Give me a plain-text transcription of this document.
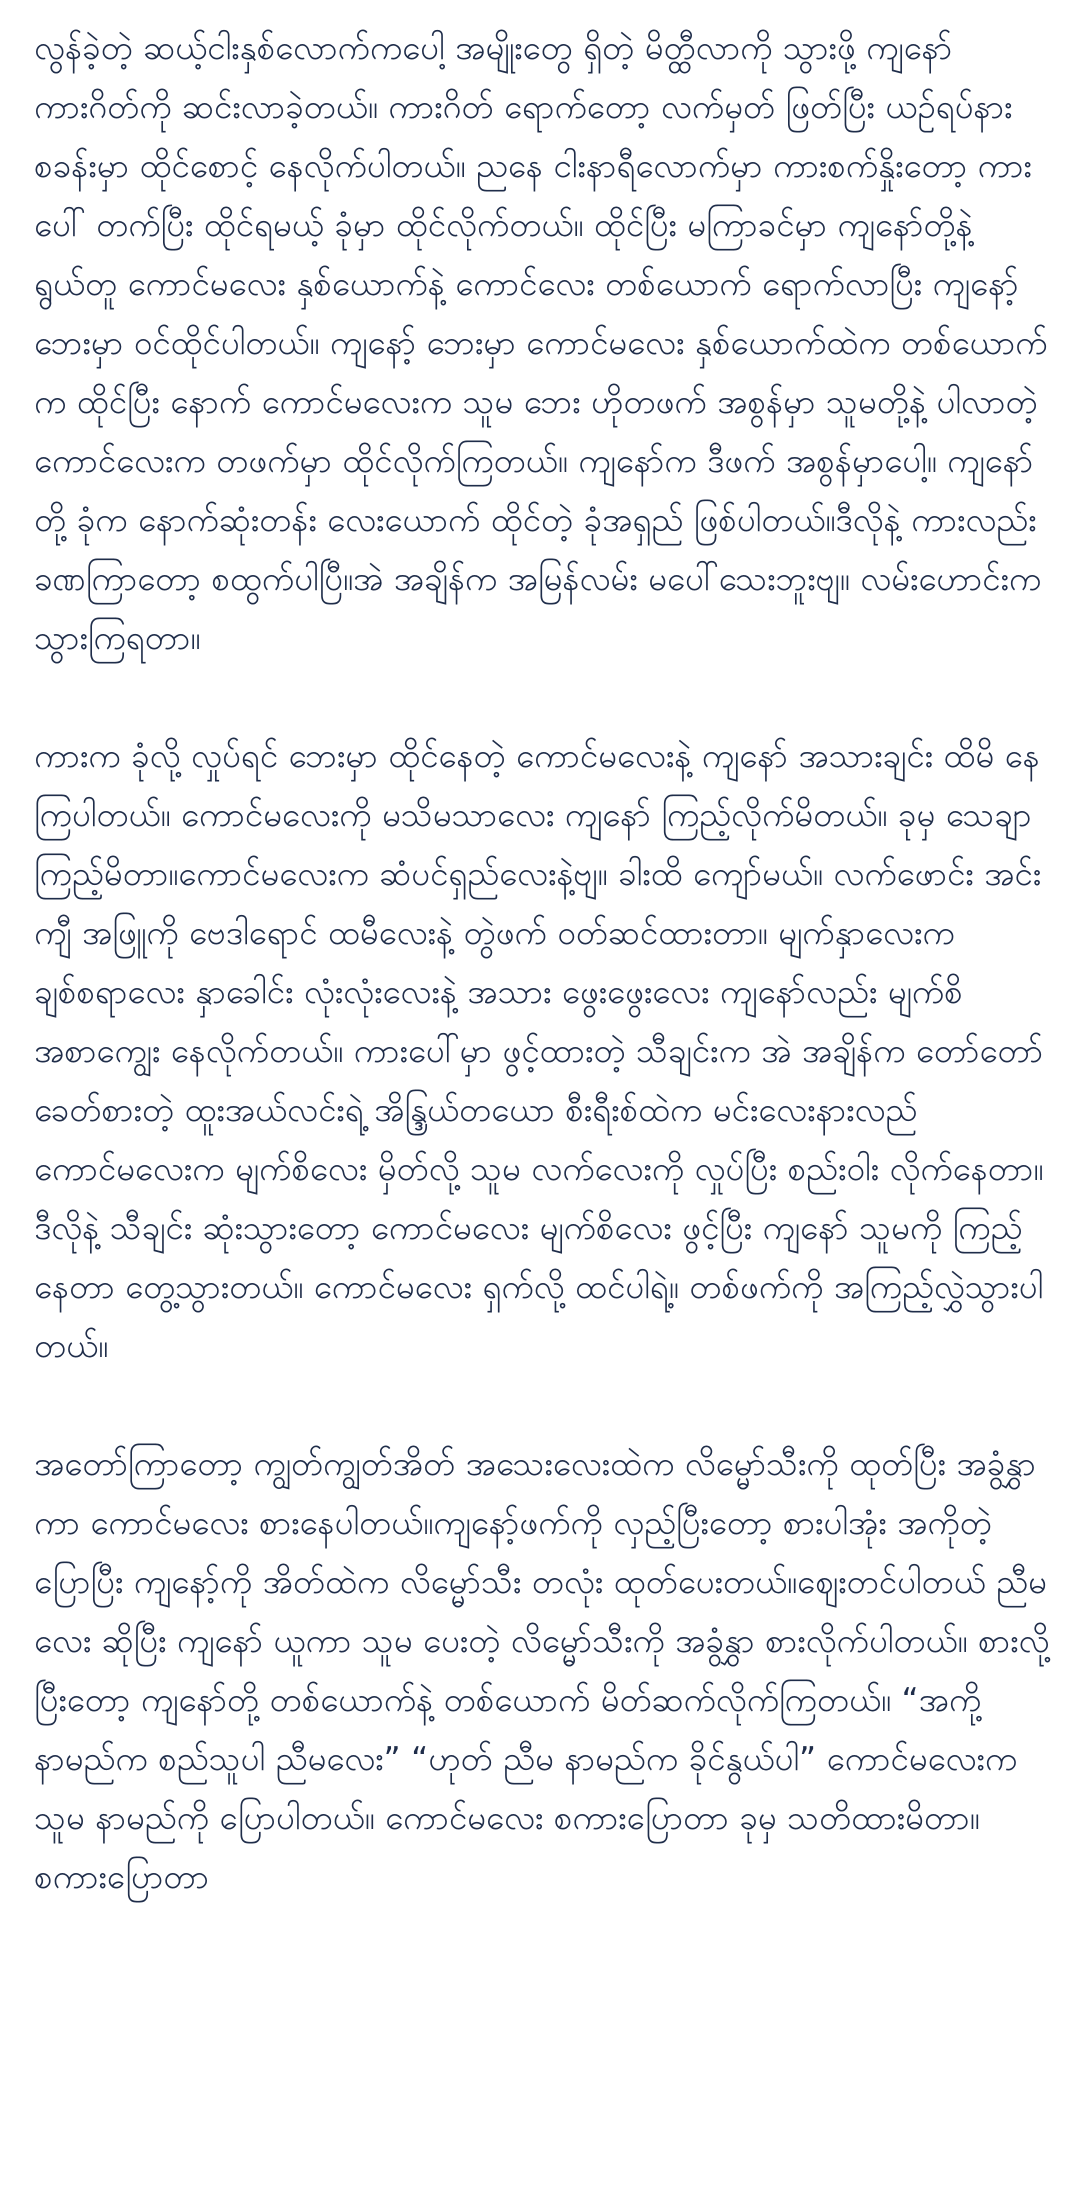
လွန်ခဲ့တဲ့ ဆယ့်ငါးနှစ်လောက်ကပေါ့ အမျိုးတွေ ရှိတဲ့ မိတ္ထီလာကို သွားဖို့ ကျနော် ကားဂိတ်ကို ဆင်းလာခဲ့တယ်။ ကားဂိတ် ရောက်တော့ လက်မှတ် ဖြတ်ပြီး ယဉ်ရပ်နား စခန်းမှာ ထိုင်စောင့် နေလိုက်ပါတယ်။ ညနေ ငါးနာရီလောက်မှာ ကားစက်နှိုးတော့ ကားပေါ် တက်ပြီး ထိုင်ရမယ့် ခုံမှာ ထိုင်လိုက်တယ်။ ထိုင်ပြီး မကြာခင်မှာ ကျနော်တို့နဲ့ ရွယ်တူ ကောင်မလေး နှစ်ယောက်နဲ့ ကောင်လေး တစ်ယောက် ရောက်လာပြီး ကျနော့် ဘေးမှာ ဝင်ထိုင်ပါတယ်။ ကျနော့် ဘေးမှာ ကောင်မလေး နှစ်ယောက်ထဲက တစ်ယောက်က ထိုင်ပြီး နောက် ကောင်မလေးက သူမ ဘေး ဟိုတဖက် အစွန်မှာ သူမတို့နဲ့ ပါလာတဲ့ ကောင်လေးက တဖက်မှာ ထိုင်လိုက်ကြတယ်။ ကျနော်က ဒီဖက် အစွန်မှာပေါ့။ ကျနော်တို့ ခုံက နောက်ဆုံးတန်း လေးယောက် ထိုင်တဲ့ ခုံအရှည် ဖြစ်ပါတယ်။ဒီလိုနဲ့ ကားလည်း ခဏကြာတော့ စထွက်ပါပြီ။အဲ အချိန်က အမြန်လမ်း မပေါ်သေးဘူးဗျ။ လမ်းဟောင်းက သွားကြရတာ။

ကားက ခုံလို့ လှုပ်ရင် ဘေးမှာ ထိုင်နေတဲ့ ကောင်မလေးနဲ့ ကျနော် အသားချင်း ထိမိ နေကြပါတယ်။ ကောင်မလေးကို မသိမသာလေး ကျနော် ကြည့်လိုက်မိတယ်။ ခုမှ သေချာ ကြည့်မိတာ။ကောင်မလေးက ဆံပင်ရှည်လေးနဲ့ဗျ။ ခါးထိ ကျော်မယ်။ လက်ဖောင်း အင်းကျီ အဖြူကို ဗေဒါရောင် ထမီလေးနဲ့ တွဲဖက် ဝတ်ဆင်ထားတာ။ မျက်နှာလေးက ချစ်စရာလေး နှာခေါင်း လုံးလုံးလေးနဲ့ အသား ဖွေးဖွေးလေး ကျနော်လည်း မျက်စိ အစာကျွေး နေလိုက်တယ်။ ကားပေါ်မှာ ဖွင့်ထားတဲ့ သီချင်းက အဲ အချိန်က တော်တော် ခေတ်စားတဲ့ ထူးအယ်လင်းရဲ့ အိန္ဒြယ်တယော စီးရီးစ်ထဲက မင်းလေးနားလည် ကောင်မလေးက မျက်စိလေး မှိတ်လို့ သူမ လက်လေးကို လှုပ်ပြီး စည်းဝါး လိုက်နေတာ။ ဒီလိုနဲ့ သီချင်း ဆုံးသွားတော့ ကောင်မလေး မျက်စိလေး ဖွင့်ပြီး ကျနော် သူမကို ကြည့်နေတာ တွေ့သွားတယ်။ ကောင်မလေး ရှက်လို့ ထင်ပါရဲ့။ တစ်ဖက်ကို အကြည့်လွှဲသွားပါတယ်။

အတော်ကြာတော့ ကျွတ်ကျွတ်အိတ် အသေးလေးထဲက လိမ္မော်သီးကို ထုတ်ပြီး အခွံနွှာကာ ကောင်မလေး စားနေပါတယ်။ကျနော့်ဖက်ကို လှည့်ပြီးတော့ စားပါအုံး အကိုတဲ့ ပြောပြီး ကျနော့်ကို အိတ်ထဲက လိမ္မော်သီး တလုံး ထုတ်ပေးတယ်။ဈေးတင်ပါတယ် ညီမလေး ဆိုပြီး ကျနော် ယူကာ သူမ ပေးတဲ့ လိမ္မော်သီးကို အခွံနွှာ စားလိုက်ပါတယ်။ စားလို့ပြီးတော့ ကျနော်တို့ တစ်ယောက်နဲ့ တစ်ယောက် မိတ်ဆက်လိုက်ကြတယ်။ “အကို့ နာမည်က စည်သူပါ ညီမလေး” “ဟုတ် ညီမ နာမည်က ခိုင်နွယ်ပါ” ကောင်မလေးက သူမ နာမည်ကို ပြောပါတယ်။ ကောင်မလေး စကားပြောတာ ခုမှ သတိထားမိတာ။စကားပြောတာ
